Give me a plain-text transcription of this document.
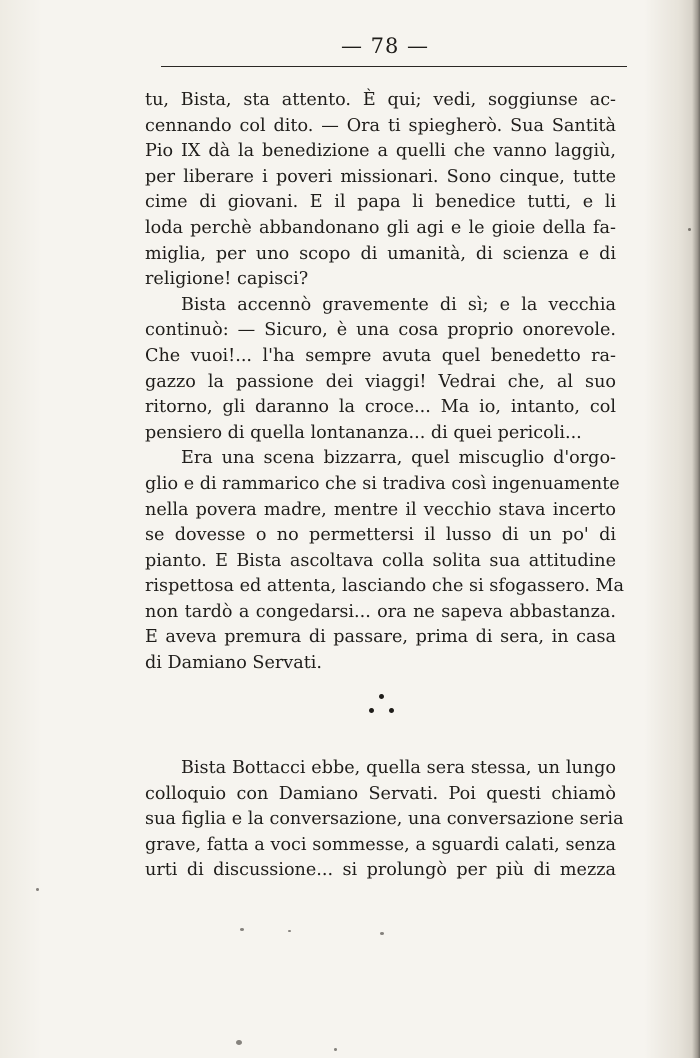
— 78 —
tu, Bista, sta attento. È qui; vedi, soggiunse ac-
cennando col dito. — Ora ti spiegherò. Sua Santità
Pio IX dà la benedizione a quelli che vanno laggiù,
per liberare i poveri missionari. Sono cinque, tutte
cime di giovani. E il papa li benedice tutti, e li
loda perchè abbandonano gli agi e le gioie della fa-
miglia, per uno scopo di umanità, di scienza e di
religione! capisci?
Bista accennò gravemente di sì; e la vecchia
continuò: — Sicuro, è una cosa proprio onorevole.
Che vuoi!... l'ha sempre avuta quel benedetto ra-
gazzo la passione dei viaggi! Vedrai che, al suo
ritorno, gli daranno la croce... Ma io, intanto, col
pensiero di quella lontananza... di quei pericoli...
Era una scena bizzarra, quel miscuglio d'orgo-
glio e di rammarico che si tradiva così ingenuamente
nella povera madre, mentre il vecchio stava incerto
se dovesse o no permettersi il lusso di un po' di
pianto. E Bista ascoltava colla solita sua attitudine
rispettosa ed attenta, lasciando che si sfogassero. Ma
non tardò a congedarsi... ora ne sapeva abbastanza.
E aveva premura di passare, prima di sera, in casa
di Damiano Servati.
Bista Bottacci ebbe, quella sera stessa, un lungo
colloquio con Damiano Servati. Poi questi chiamò
sua figlia e la conversazione, una conversazione seria
grave, fatta a voci sommesse, a sguardi calati, senza
urti di discussione... si prolungò per più di mezza
